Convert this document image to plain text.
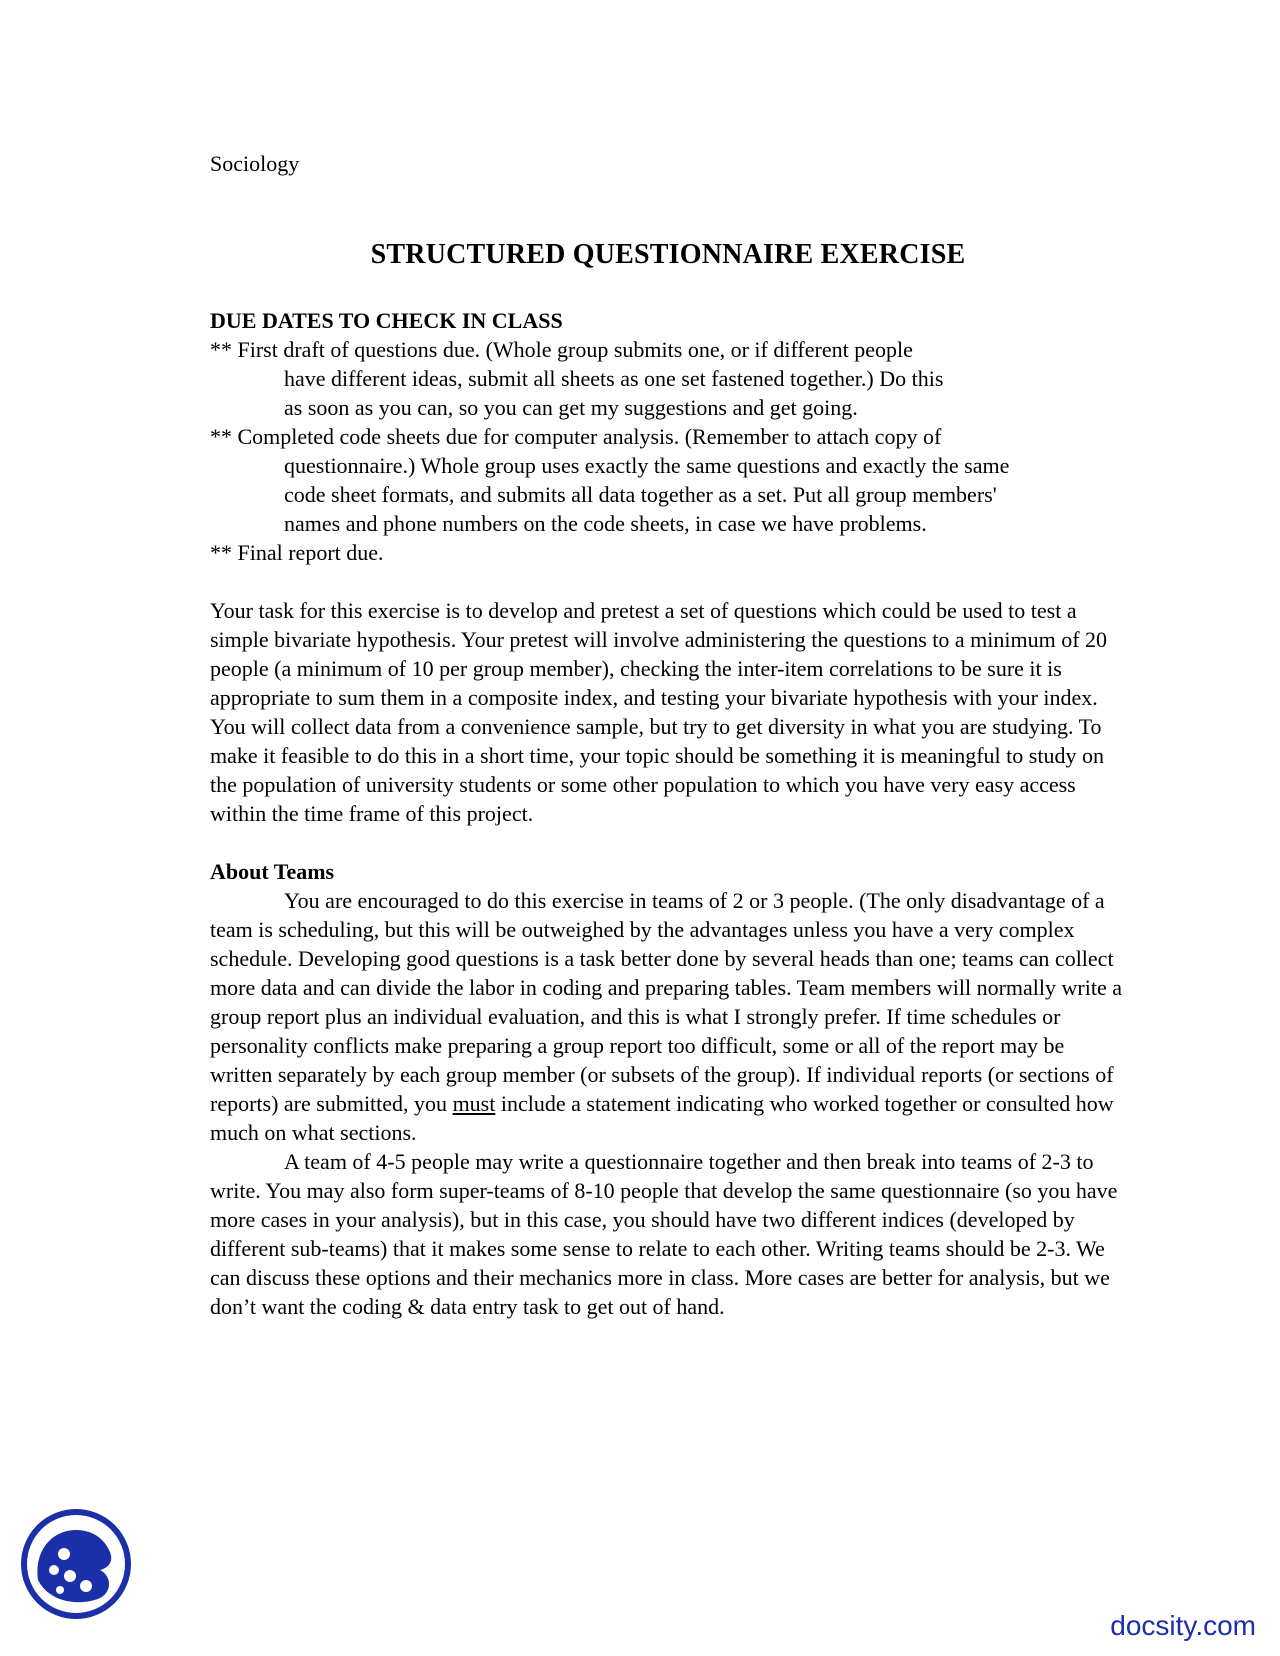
Sociology
STRUCTURED QUESTIONNAIRE EXERCISE

DUE DATES TO CHECK IN CLASS

** First draft of questions due. (Whole group submits one, or if different people
have different ideas, submit all sheets as one set fastened together.) Do this
as soon as you can, so you can get my suggestions and get going.
** Completed code sheets due for computer analysis. (Remember to attach copy of
questionnaire.) Whole group uses exactly the same questions and exactly the same
code sheet formats, and submits all data together as a set. Put all group members'
names and phone numbers on the code sheets, in case we have problems.
** Final report due.

Your task for this exercise is to develop and pretest a set of questions which could be used to test a simple bivariate hypothesis. Your pretest will involve administering the questions to a minimum of 20 people (a minimum of 10 per group member), checking the inter-item correlations to be sure it is appropriate to sum them in a composite index, and testing your bivariate hypothesis with your index. You will collect data from a convenience sample, but try to get diversity in what you are studying. To make it feasible to do this in a short time, your topic should be something it is meaningful to study on the population of university students or some other population to which you have very easy access within the time frame of this project.

About Teams

You are encouraged to do this exercise in teams of 2 or 3 people. (The only disadvantage of a team is scheduling, but this will be outweighed by the advantages unless you have a very complex schedule. Developing good questions is a task better done by several heads than one; teams can collect more data and can divide the labor in coding and preparing tables. Team members will normally write a group report plus an individual evaluation, and this is what I strongly prefer. If time schedules or personality conflicts make preparing a group report too difficult, some or all of the report may be written separately by each group member (or subsets of the group). If individual reports (or sections of reports) are submitted, you must include a statement indicating who worked together or consulted how much on what sections.

A team of 4-5 people may write a questionnaire together and then break into teams of 2-3 to write. You may also form super-teams of 8-10 people that develop the same questionnaire (so you have more cases in your analysis), but in this case, you should have two different indices (developed by different sub-teams) that it makes some sense to relate to each other. Writing teams should be 2-3. We can discuss these options and their mechanics more in class. More cases are better for analysis, but we don’t want the coding & data entry task to get out of hand.

docsity.com
